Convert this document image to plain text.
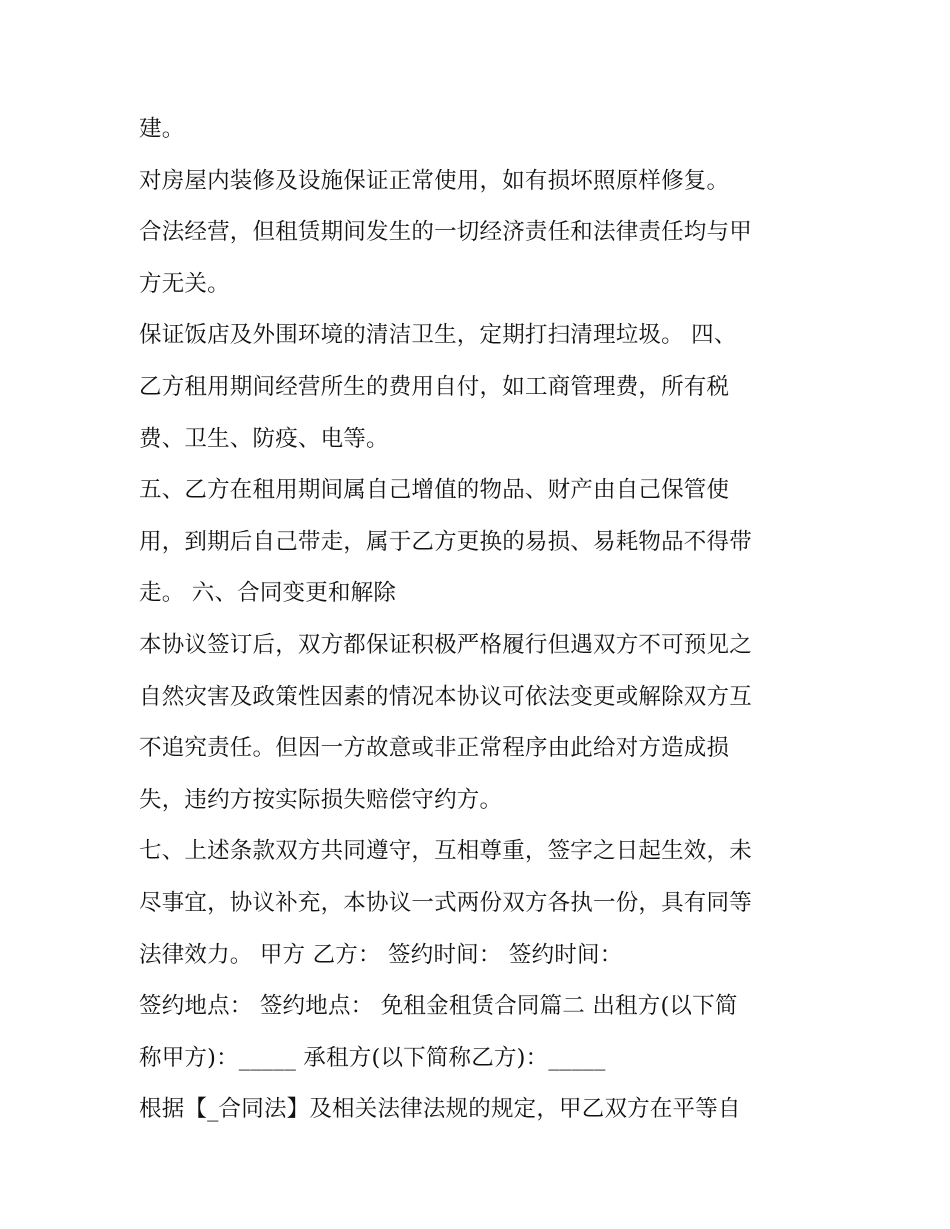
建。
对房屋内装修及设施保证正常使用，如有损坏照原样修复。
合法经营，但租赁期间发生的一切经济责任和法律责任均与甲
方无关。
保证饭店及外围环境的清洁卫生，定期打扫清理垃圾。 四、
乙方租用期间经营所生的费用自付，如工商管理费，所有税
费、卫生、防疫、电等。
五、乙方在租用期间属自己增值的物品、财产由自己保管使
用，到期后自己带走，属于乙方更换的易损、易耗物品不得带
走。 六、合同变更和解除
本协议签订后，双方都保证积极严格履行但遇双方不可预见之
自然灾害及政策性因素的情况本协议可依法变更或解除双方互
不追究责任。但因一方故意或非正常程序由此给对方造成损
失，违约方按实际损失赔偿守约方。
七、上述条款双方共同遵守，互相尊重，签字之日起生效，未
尽事宜，协议补充，本协议一式两份双方各执一份，具有同等
法律效力。 甲方 乙方： 签约时间： 签约时间：
签约地点： 签约地点： 免租金租赁合同篇二 出租方(以下简
称甲方)：_____ 承租方(以下简称乙方)：_____
根据【_合同法】及相关法律法规的规定，甲乙双方在平等自
